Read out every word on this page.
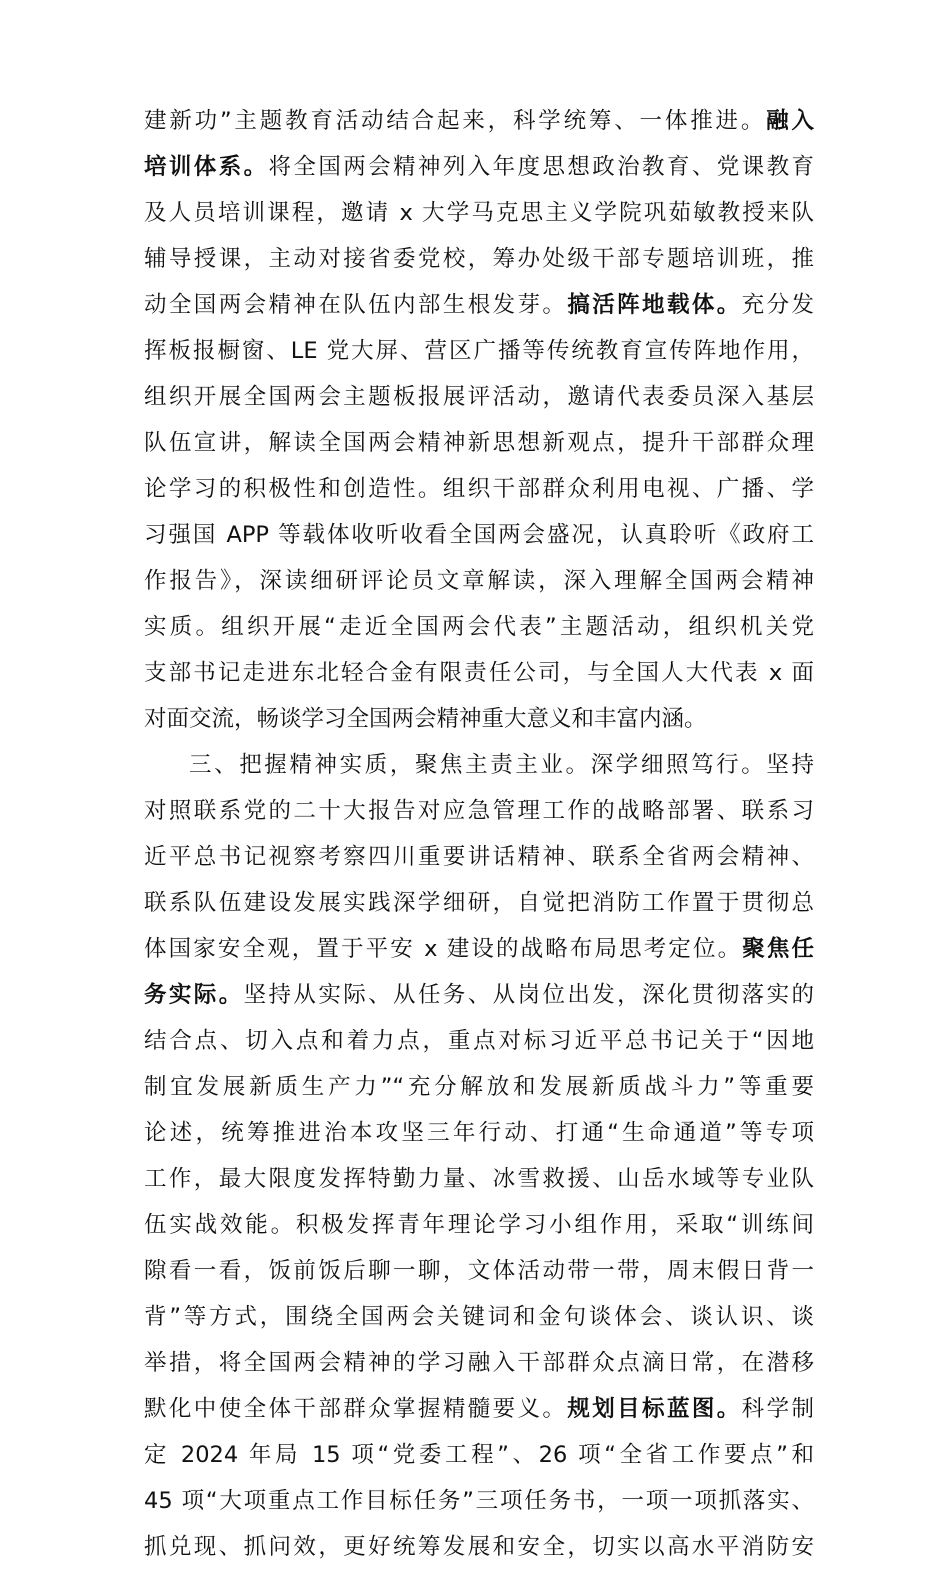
建新功”主题教育活动结合起来，科学统筹、一体推进。融入
培训体系。将全国两会精神列入年度思想政治教育、党课教育
及人员培训课程，邀请 x 大学马克思主义学院巩茹敏教授来队
辅导授课，主动对接省委党校，筹办处级干部专题培训班，推
动全国两会精神在队伍内部生根发芽。搞活阵地载体。充分发
挥板报橱窗、LE 党大屏、营区广播等传统教育宣传阵地作用，
组织开展全国两会主题板报展评活动，邀请代表委员深入基层
队伍宣讲，解读全国两会精神新思想新观点，提升干部群众理
论学习的积极性和创造性。组织干部群众利用电视、广播、学
习强国 APP 等载体收听收看全国两会盛况，认真聆听《政府工
作报告》，深读细研评论员文章解读，深入理解全国两会精神
实质。组织开展“走近全国两会代表”主题活动，组织机关党
支部书记走进东北轻合金有限责任公司，与全国人大代表 x 面
对面交流，畅谈学习全国两会精神重大意义和丰富内涵。
三、把握精神实质，聚焦主责主业。深学细照笃行。坚持
对照联系党的二十大报告对应急管理工作的战略部署、联系习
近平总书记视察考察四川重要讲话精神、联系全省两会精神、
联系队伍建设发展实践深学细研，自觉把消防工作置于贯彻总
体国家安全观，置于平安 x 建设的战略布局思考定位。聚焦任
务实际。坚持从实际、从任务、从岗位出发，深化贯彻落实的
结合点、切入点和着力点，重点对标习近平总书记关于“因地
制宜发展新质生产力”“充分解放和发展新质战斗力”等重要
论述，统筹推进治本攻坚三年行动、打通“生命通道”等专项
工作，最大限度发挥特勤力量、冰雪救援、山岳水域等专业队
伍实战效能。积极发挥青年理论学习小组作用，采取“训练间
隙看一看，饭前饭后聊一聊，文体活动带一带，周末假日背一
背”等方式，围绕全国两会关键词和金句谈体会、谈认识、谈
举措，将全国两会精神的学习融入干部群众点滴日常，在潜移
默化中使全体干部群众掌握精髓要义。规划目标蓝图。科学制
定 2024 年局 15 项“党委工程”、26 项“全省工作要点”和
45 项“大项重点工作目标任务”三项任务书，一项一项抓落实、
抓兑现、抓问效，更好统筹发展和安全，切实以高水平消防安
